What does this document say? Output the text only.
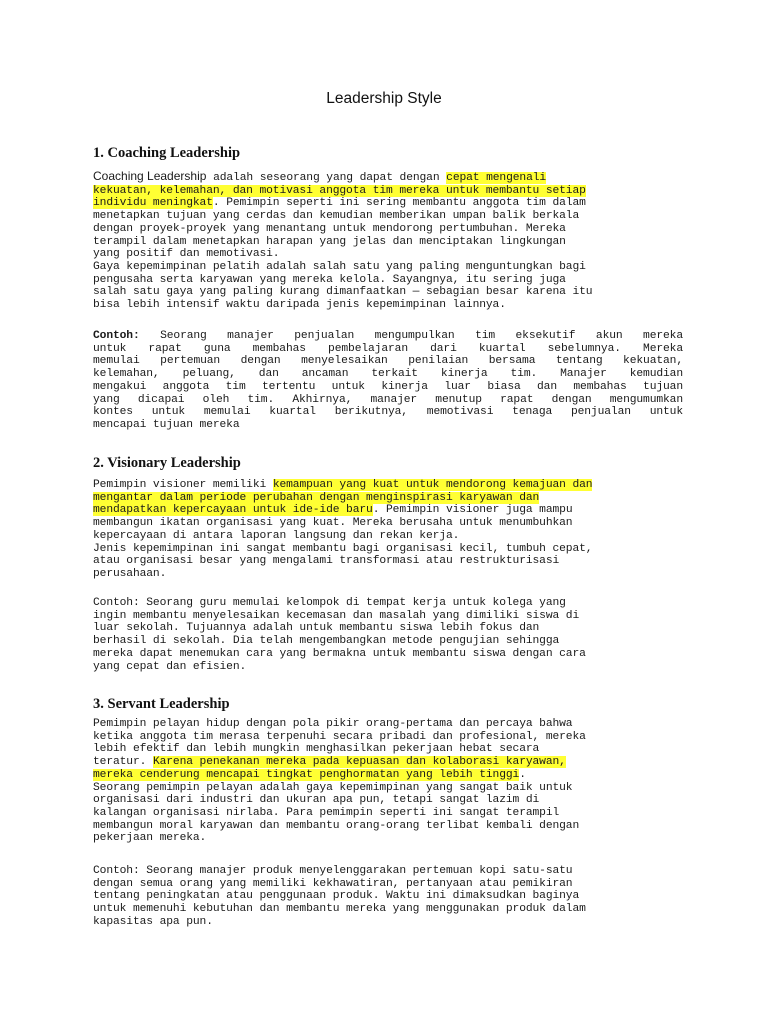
Leadership Style
1. Coaching Leadership
Coaching Leadership adalah seseorang yang dapat dengan cepat mengenali
kekuatan, kelemahan, dan motivasi anggota tim mereka untuk membantu setiap
individu meningkat. Pemimpin seperti ini sering membantu anggota tim dalam
menetapkan tujuan yang cerdas dan kemudian memberikan umpan balik berkala
dengan proyek-proyek yang menantang untuk mendorong pertumbuhan. Mereka
terampil dalam menetapkan harapan yang jelas dan menciptakan lingkungan
yang positif dan memotivasi.
Gaya kepemimpinan pelatih adalah salah satu yang paling menguntungkan bagi
pengusaha serta karyawan yang mereka kelola. Sayangnya, itu sering juga
salah satu gaya yang paling kurang dimanfaatkan — sebagian besar karena itu
bisa lebih intensif waktu daripada jenis kepemimpinan lainnya.
Contoh: Seorang manajer penjualan mengumpulkan tim eksekutif akun mereka
untuk rapat guna membahas pembelajaran dari kuartal sebelumnya. Mereka
memulai pertemuan dengan menyelesaikan penilaian bersama tentang kekuatan,
kelemahan, peluang, dan ancaman terkait kinerja tim. Manajer kemudian
mengakui anggota tim tertentu untuk kinerja luar biasa dan membahas tujuan
yang dicapai oleh tim. Akhirnya, manajer menutup rapat dengan mengumumkan
kontes untuk memulai kuartal berikutnya, memotivasi tenaga penjualan untuk
mencapai tujuan mereka
2. Visionary Leadership
Pemimpin visioner memiliki kemampuan yang kuat untuk mendorong kemajuan dan
mengantar dalam periode perubahan dengan menginspirasi karyawan dan
mendapatkan kepercayaan untuk ide-ide baru. Pemimpin visioner juga mampu
membangun ikatan organisasi yang kuat. Mereka berusaha untuk menumbuhkan
kepercayaan di antara laporan langsung dan rekan kerja.
Jenis kepemimpinan ini sangat membantu bagi organisasi kecil, tumbuh cepat,
atau organisasi besar yang mengalami transformasi atau restrukturisasi
perusahaan.
Contoh: Seorang guru memulai kelompok di tempat kerja untuk kolega yang
ingin membantu menyelesaikan kecemasan dan masalah yang dimiliki siswa di
luar sekolah. Tujuannya adalah untuk membantu siswa lebih fokus dan
berhasil di sekolah. Dia telah mengembangkan metode pengujian sehingga
mereka dapat menemukan cara yang bermakna untuk membantu siswa dengan cara
yang cepat dan efisien.
3. Servant Leadership
Pemimpin pelayan hidup dengan pola pikir orang-pertama dan percaya bahwa
ketika anggota tim merasa terpenuhi secara pribadi dan profesional, mereka
lebih efektif dan lebih mungkin menghasilkan pekerjaan hebat secara
teratur. Karena penekanan mereka pada kepuasan dan kolaborasi karyawan,
mereka cenderung mencapai tingkat penghormatan yang lebih tinggi.
Seorang pemimpin pelayan adalah gaya kepemimpinan yang sangat baik untuk
organisasi dari industri dan ukuran apa pun, tetapi sangat lazim di
kalangan organisasi nirlaba. Para pemimpin seperti ini sangat terampil
membangun moral karyawan dan membantu orang-orang terlibat kembali dengan
pekerjaan mereka.
Contoh: Seorang manajer produk menyelenggarakan pertemuan kopi satu-satu
dengan semua orang yang memiliki kekhawatiran, pertanyaan atau pemikiran
tentang peningkatan atau penggunaan produk. Waktu ini dimaksudkan baginya
untuk memenuhi kebutuhan dan membantu mereka yang menggunakan produk dalam
kapasitas apa pun.
